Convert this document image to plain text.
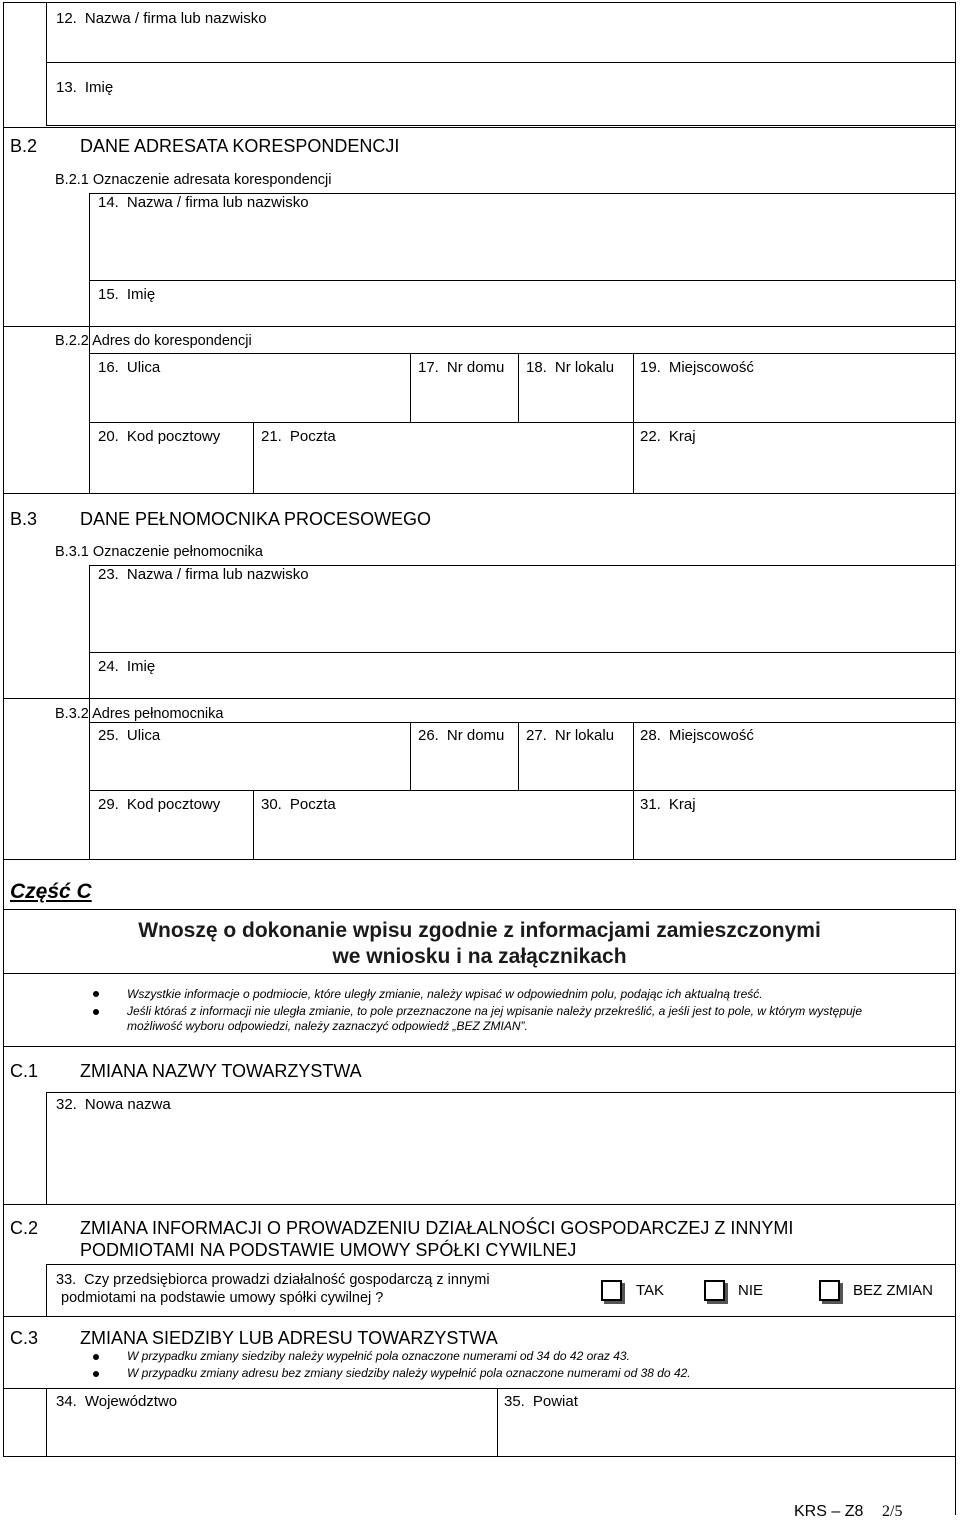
12. Nazwa / firma lub nazwisko
13. Imię
B.2 DANE ADRESATA KORESPONDENCJI
B.2.1 Oznaczenie adresata korespondencji
14. Nazwa / firma lub nazwisko
15. Imię
B.2.2 Adres do korespondencji
16. Ulica	17. Nr domu 18. Nr lokalu 19. Miejscowość
20. Kod pocztowy	21. Poczta	22. Kraj
B.3 DANE PEŁNOMOCNIKA PROCESOWEGO
B.3.1 Oznaczenie pełnomocnika
23. Nazwa / firma lub nazwisko
24. Imię
B.3.2 Adres pełnomocnika
25. Ulica	26. Nr domu 27. Nr lokalu 28. Miejscowość
29. Kod pocztowy	30. Poczta	31. Kraj
Część C
Wnoszę o dokonanie wpisu zgodnie z informacjami zamieszczonymi
we wniosku i na załącznikach
Wszystkie informacje o podmiocie, które uległy zmianie, należy wpisać w odpowiednim polu, podając ich aktualną treść.
Jeśli któraś z informacji nie uległa zmianie, to pole przeznaczone na jej wpisanie należy przekreślić, a jeśli jest to pole, w którym występuje
możliwość wyboru odpowiedzi, należy zaznaczyć odpowiedź „BEZ ZMIAN”.
C.1 ZMIANA NAZWY TOWARZYSTWA
32. Nowa nazwa
C.2 ZMIANA INFORMACJI O PROWADZENIU DZIAŁALNOŚCI GOSPODARCZEJ Z INNYMI
PODMIOTAMI NA PODSTAWIE UMOWY SPÓŁKI CYWILNEJ
33. Czy przedsiębiorca prowadzi działalność gospodarczą z innymi
podmiotami na podstawie umowy spółki cywilnej ?	TAK	NIE	BEZ ZMIAN
C.3 ZMIANA SIEDZIBY LUB ADRESU TOWARZYSTWA
W przypadku zmiany siedziby należy wypełnić pola oznaczone numerami od 34 do 42 oraz 43.
W przypadku zmiany adresu bez zmiany siedziby należy wypełnić pola oznaczone numerami od 38 do 42.
34. Województwo	35. Powiat
KRS – Z8 2/5
